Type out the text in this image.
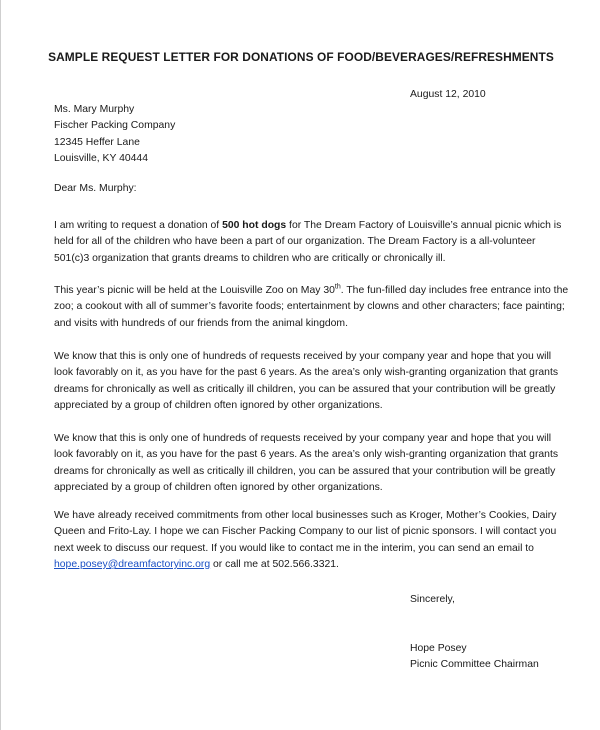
SAMPLE REQUEST LETTER FOR DONATIONS OF FOOD/BEVERAGES/REFRESHMENTS
August 12, 2010
Ms. Mary Murphy
Fischer Packing Company
12345 Heffer Lane
Louisville, KY 40444
Dear Ms. Murphy:
I am writing to request a donation of 500 hot dogs for The Dream Factory of Louisville’s annual picnic which is
held for all of the children who have been a part of our organization. The Dream Factory is a all-volunteer
501(c)3 organization that grants dreams to children who are critically or chronically ill.
This year’s picnic will be held at the Louisville Zoo on May 30th. The fun-filled day includes free entrance into the
zoo; a cookout with all of summer’s favorite foods; entertainment by clowns and other characters; face painting;
and visits with hundreds of our friends from the animal kingdom.
We know that this is only one of hundreds of requests received by your company year and hope that you will
look favorably on it, as you have for the past 6 years. As the area’s only wish-granting organization that grants
dreams for chronically as well as critically ill children, you can be assured that your contribution will be greatly
appreciated by a group of children often ignored by other organizations.
We know that this is only one of hundreds of requests received by your company year and hope that you will
look favorably on it, as you have for the past 6 years. As the area’s only wish-granting organization that grants
dreams for chronically as well as critically ill children, you can be assured that your contribution will be greatly
appreciated by a group of children often ignored by other organizations.
We have already received commitments from other local businesses such as Kroger, Mother’s Cookies, Dairy
Queen and Frito-Lay. I hope we can Fischer Packing Company to our list of picnic sponsors. I will contact you
next week to discuss our request. If you would like to contact me in the interim, you can send an email to
hope.posey@dreamfactoryinc.org or call me at 502.566.3321.
Sincerely,
Hope Posey
Picnic Committee Chairman
